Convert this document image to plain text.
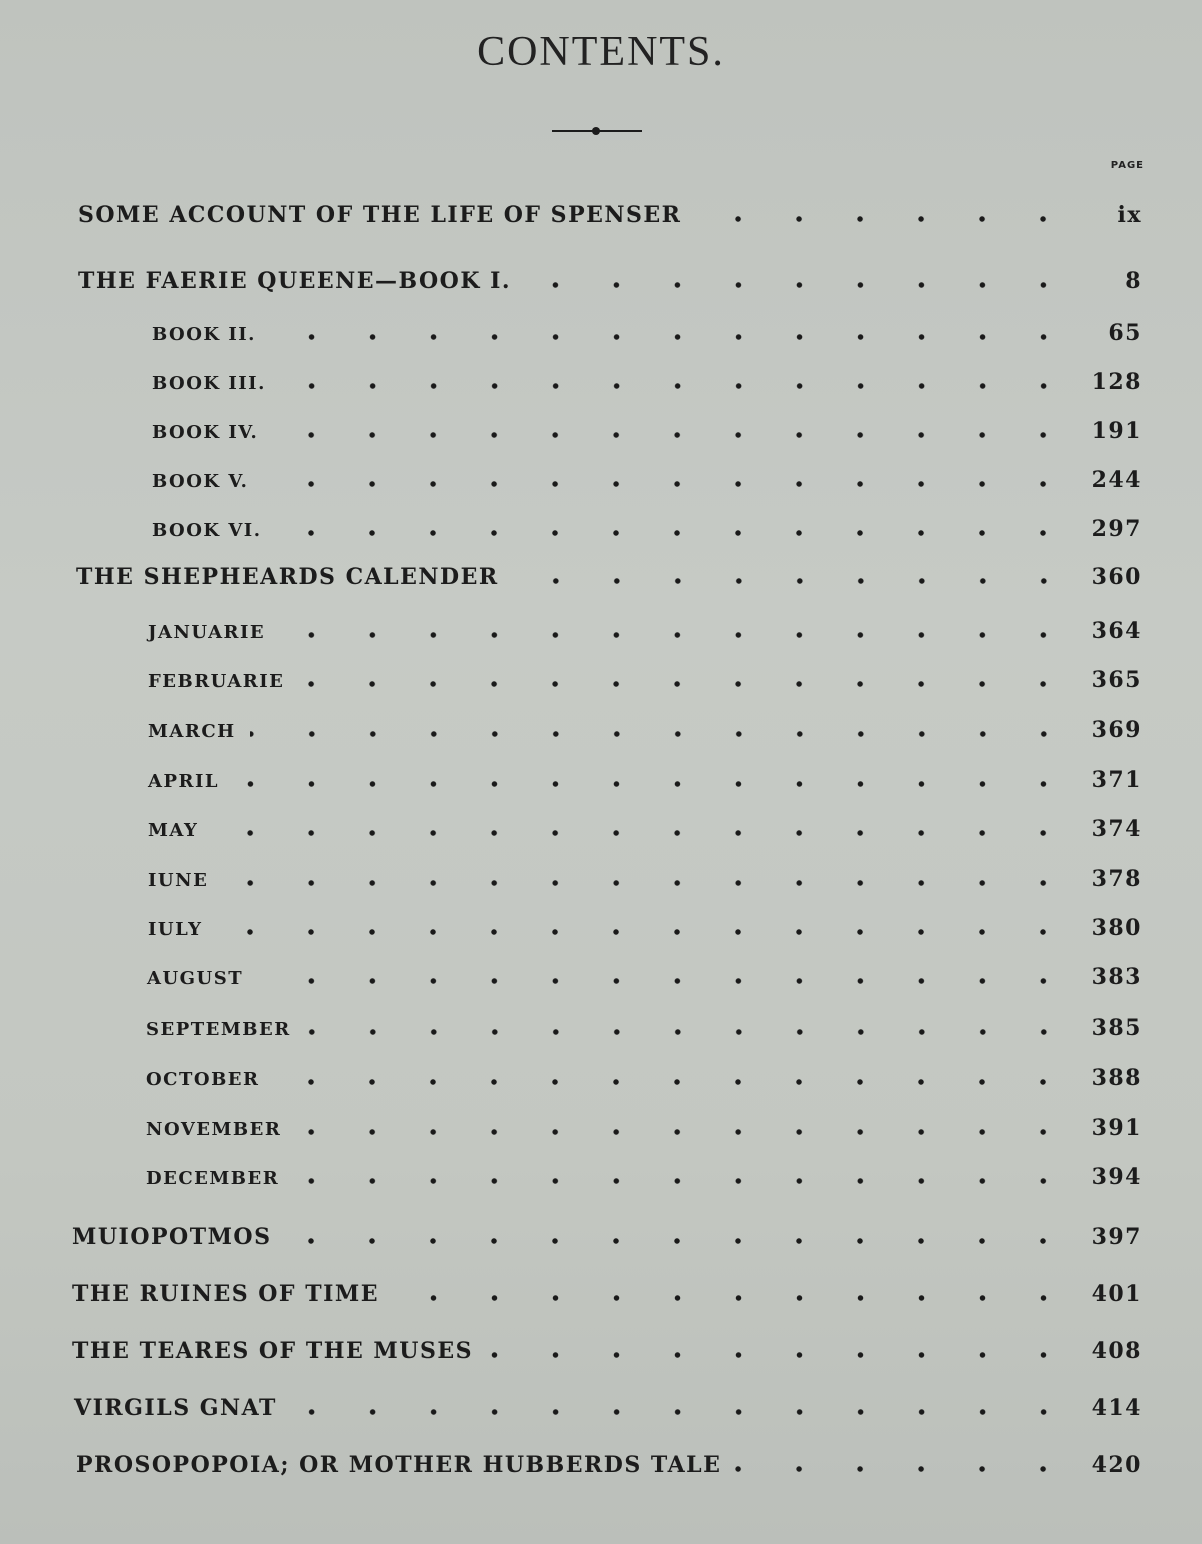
CONTENTS.
PAGE
SOME ACCOUNT OF THE LIFE OF SPENSER	ix
THE FAERIE QUEENE—BOOK I.	8
BOOK II.	65
BOOK III.	128
BOOK IV.	191
BOOK V.	244
BOOK VI.	297
THE SHEPHEARDS CALENDER	360
JANUARIE	364
FEBRUARIE	365
MARCH	369
APRIL	371
MAY	374
IUNE	378
IULY	380
AUGUST	383
SEPTEMBER	385
OCTOBER	388
NOVEMBER	391
DECEMBER	394
MUIOPOTMOS	397
THE RUINES OF TIME	401
THE TEARES OF THE MUSES	408
VIRGILS GNAT	414
PROSOPOPOIA; OR MOTHER HUBBERDS TALE	420
